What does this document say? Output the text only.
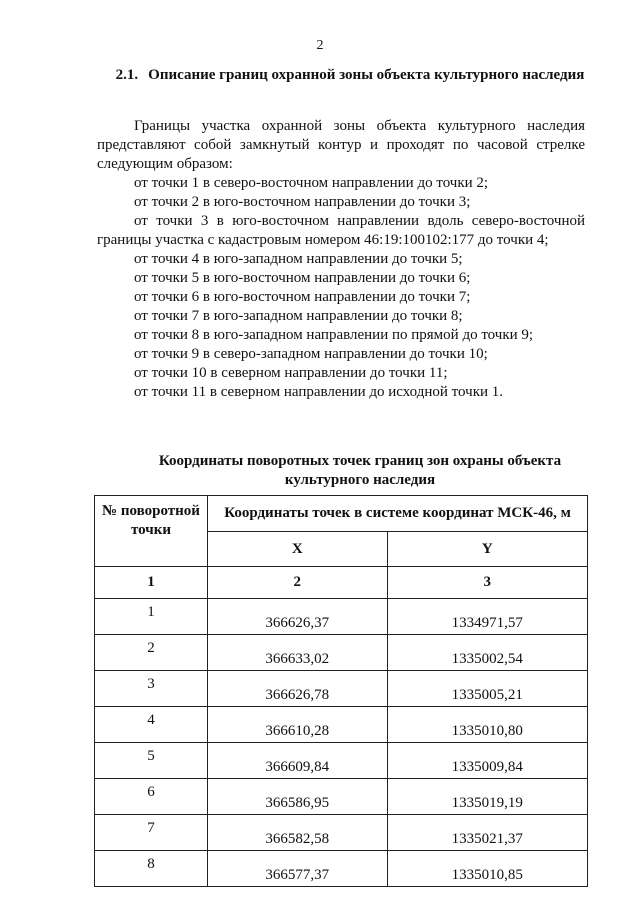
2
2.1. Описание границ охранной зоны объекта культурного наследия

Границы участка охранной зоны объекта культурного наследия представляют собой замкнутый контур и проходят по часовой стрелке следующим образом:

от точки 1 в северо-восточном направлении до точки 2;

от точки 2 в юго-восточном направлении до точки 3;

от точки 3 в юго-восточном направлении вдоль северо-восточной границы участка с кадастровым номером 46:19:100102:177 до точки 4;

от точки 4 в юго-западном направлении до точки 5;

от точки 5 в юго-восточном направлении до точки 6;

от точки 6 в юго-восточном направлении до точки 7;

от точки 7 в юго-западном направлении до точки 8;

от точки 8 в юго-западном направлении по прямой до точки 9;

от точки 9 в северо-западном направлении до точки 10;

от точки 10 в северном направлении до точки 11;

от точки 11 в северном направлении до исходной точки 1.

Координаты поворотных точек границ зон охраны объекта культурного наследия
№ поворотной точки	Координаты точек в системе координат МСК-46, м	
	X	Y
1	2	3
1	366626,37	1334971,57
2	366633,02	1335002,54
3	366626,78	1335005,21
4	366610,28	1335010,80
5	366609,84	1335009,84
6	366586,95	1335019,19
7	366582,58	1335021,37
8	366577,37	1335010,85
